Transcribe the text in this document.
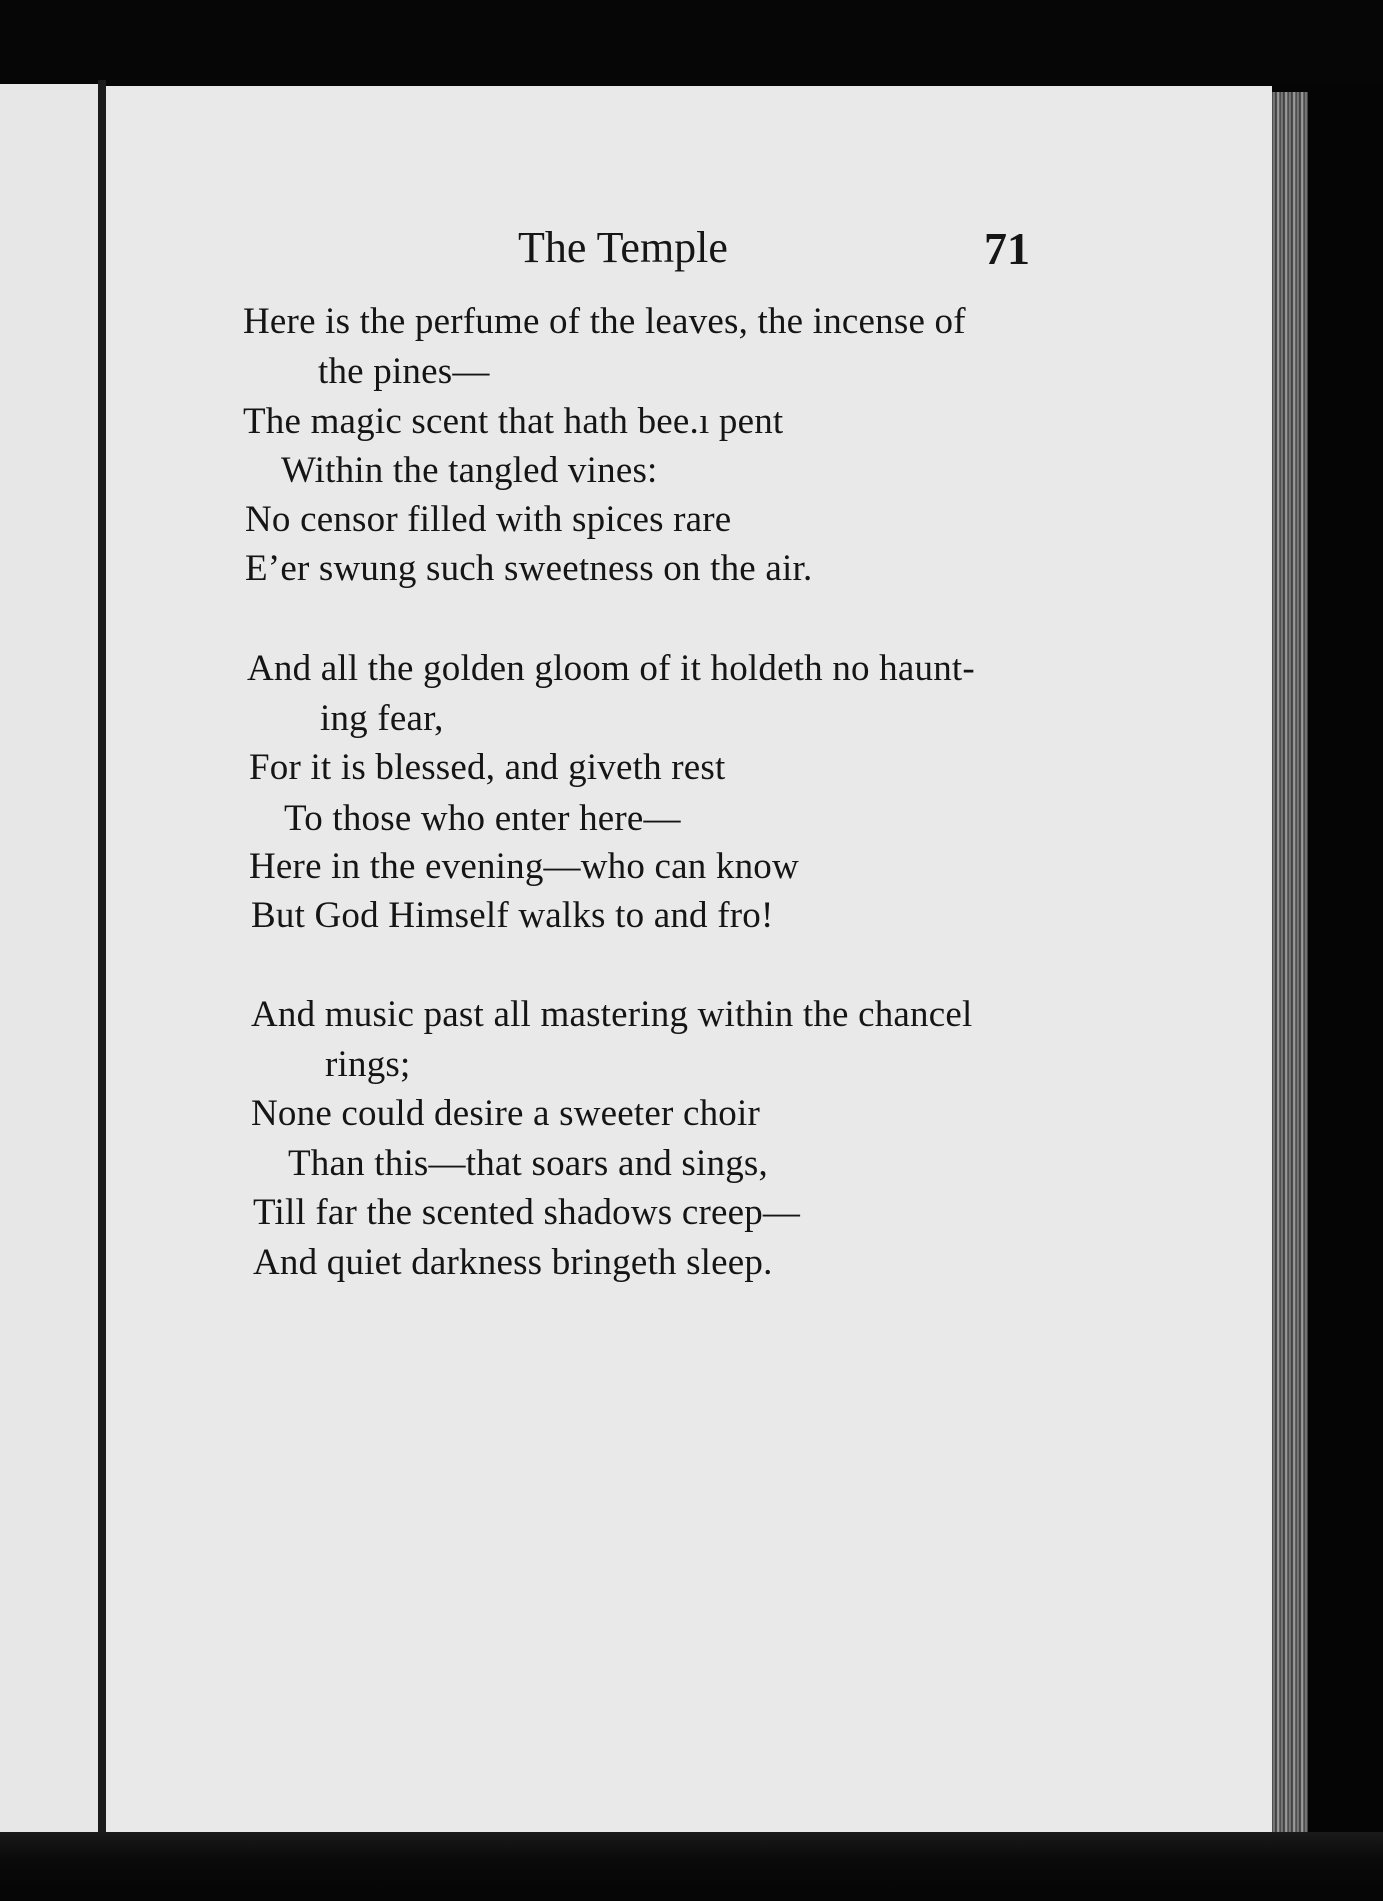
The Temple	71
Here is the perfume of the leaves, the incense of
the pines—
The magic scent that hath bee.ı pent
Within the tangled vines:
No censor filled with spices rare
E’er swung such sweetness on the air.
And all the golden gloom of it holdeth no haunt-
ing fear,
For it is blessed, and giveth rest
To those who enter here—
Here in the evening—who can know
But God Himself walks to and fro!
And music past all mastering within the chancel
rings;
None could desire a sweeter choir
Than this—that soars and sings,
Till far the scented shadows creep—
And quiet darkness bringeth sleep.
